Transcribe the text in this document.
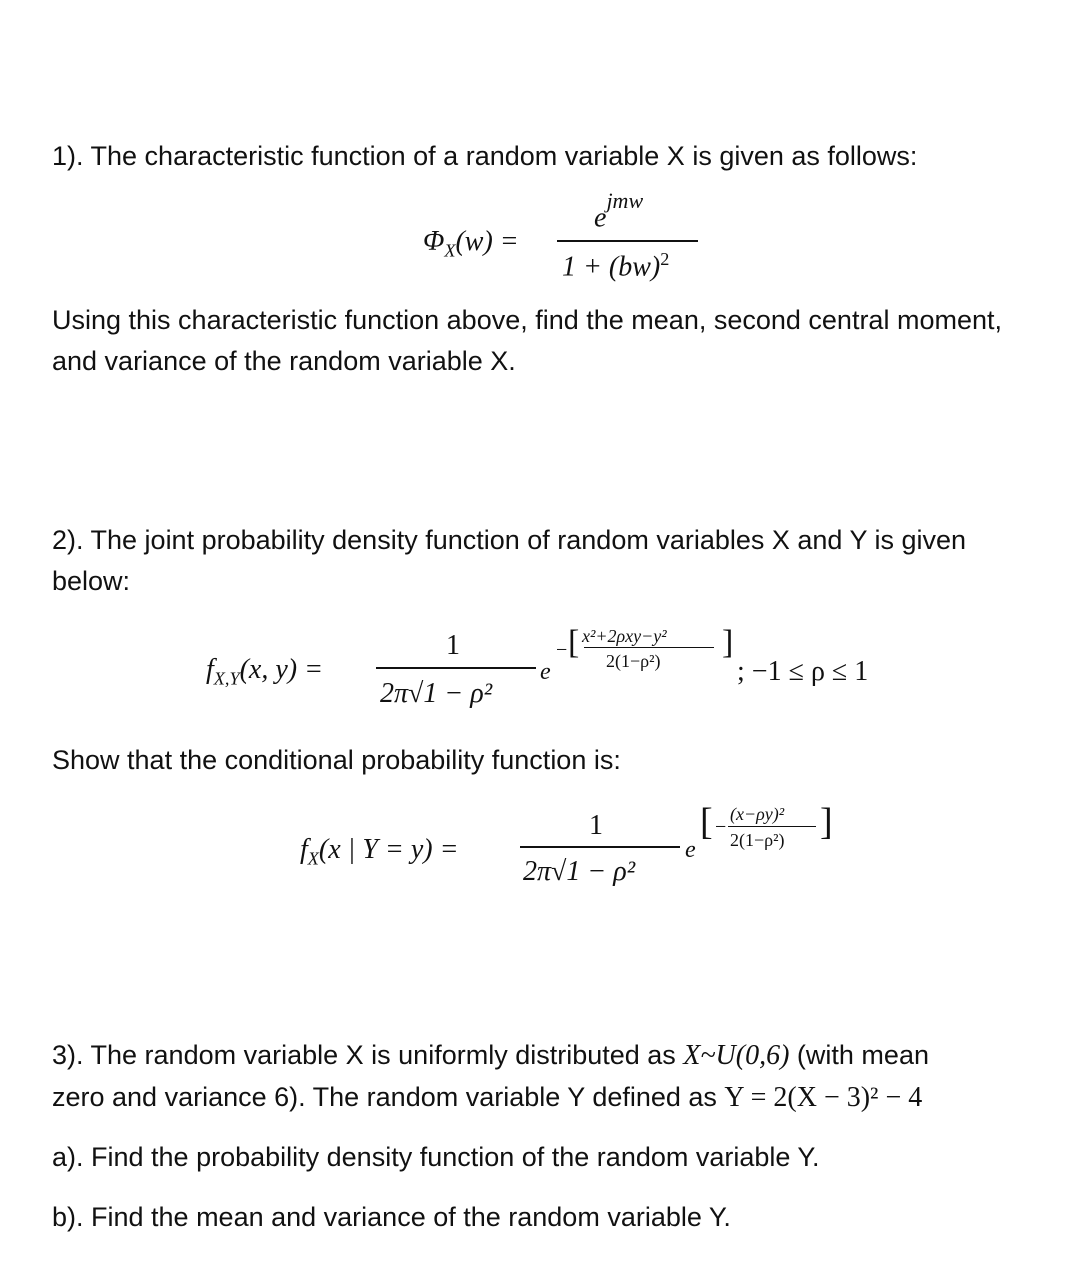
1). The characteristic function of a random variable X is given as follows:
$\Phi_X(w)$ =
$e^{jmw}$
1 + (bw)$^2$
Using this characteristic function above, find the mean, second central moment, and variance of the random variable X.
2). The joint probability density function of random variables X and Y is given below:
$f_{X,Y}(x$, y) =
1
2π√1 − ρ²
e
− [ x²+2ρxy−y²
2(1−ρ²) ]
; −1 ≤ ρ ≤ 1
Show that the conditional probability function is:
$f_X(x$ | Y = y) =
1
2π√1 − ρ²
e
[ −
(x−ρy)²
2(1−ρ²) ]
3). The random variable X is uniformly distributed as X~U(0,6) (with mean
zero and variance 6). The random variable Y defined as Y = 2(X − 3)² − 4
a). Find the probability density function of the random variable Y.
b). Find the mean and variance of the random variable Y.
